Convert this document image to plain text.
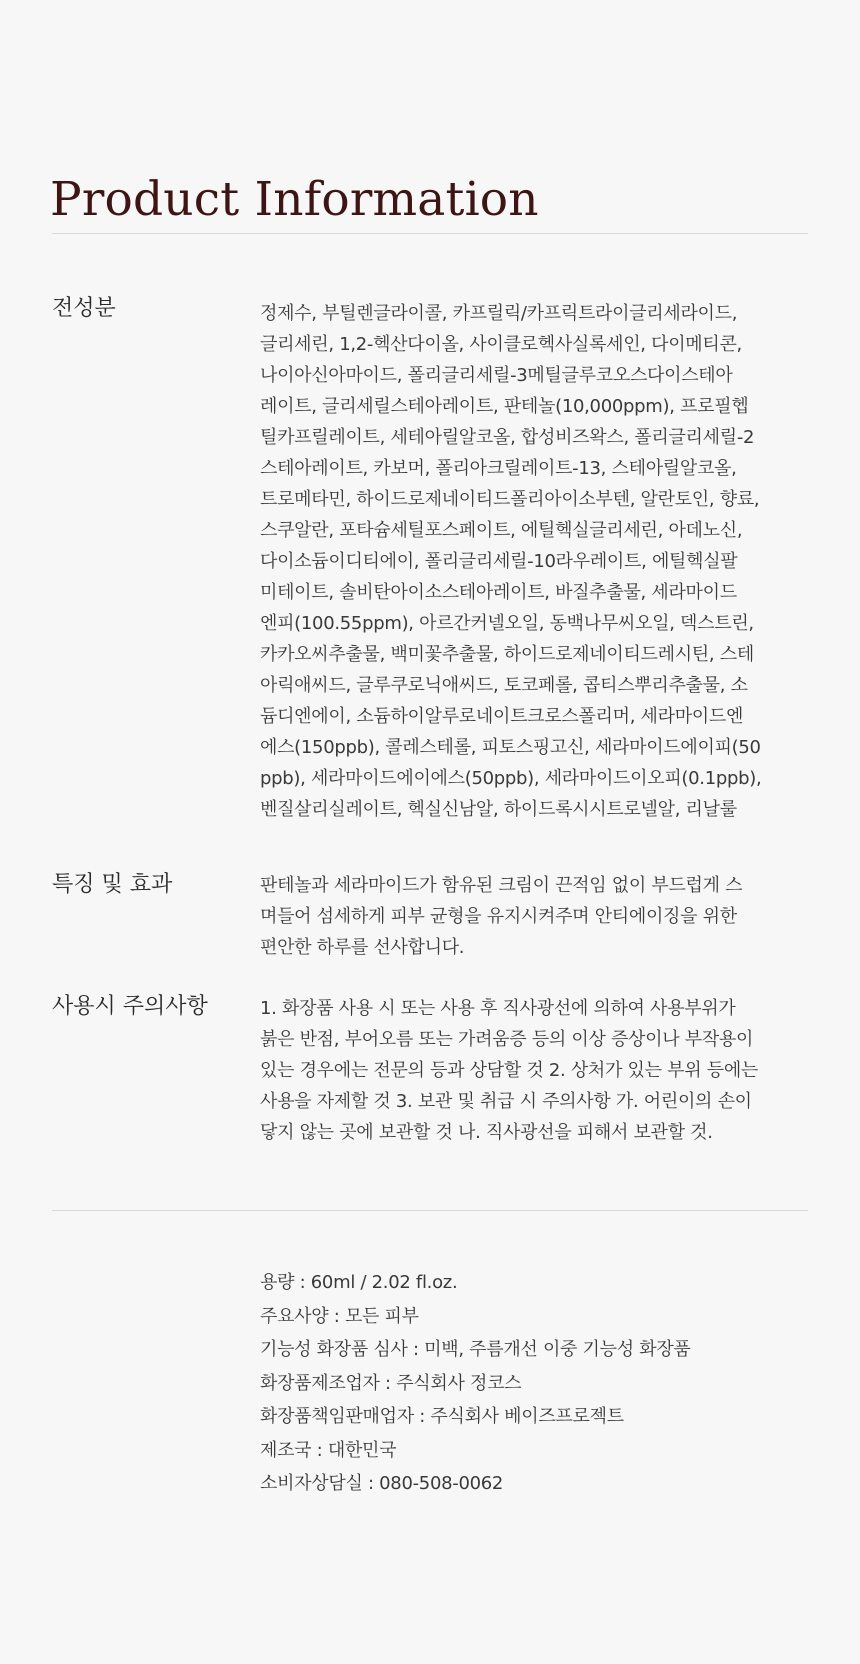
Product Information
전성분	정제수, 부틸렌글라이콜, 카프릴릭/카프릭트라이글리세라이드,
글리세린, 1,2-헥산다이올, 사이클로헥사실록세인, 다이메티콘,
나이아신아마이드, 폴리글리세릴-3메틸글루코오스다이스테아
레이트, 글리세릴스테아레이트, 판테놀(10,000ppm), 프로필헵
틸카프릴레이트, 세테아릴알코올, 합성비즈왁스, 폴리글리세릴-2
스테아레이트, 카보머, 폴리아크릴레이트-13, 스테아릴알코올,
트로메타민, 하이드로제네이티드폴리아이소부텐, 알란토인, 향료,
스쿠알란, 포타슘세틸포스페이트, 에틸헥실글리세린, 아데노신,
다이소듐이디티에이, 폴리글리세릴-10라우레이트, 에틸헥실팔
미테이트, 솔비탄아이소스테아레이트, 바질추출물, 세라마이드
엔피(100.55ppm), 아르간커넬오일, 동백나무씨오일, 덱스트린,
카카오씨추출물, 백미꽃추출물, 하이드로제네이티드레시틴, 스테
아릭애씨드, 글루쿠로닉애씨드, 토코페롤, 콥티스뿌리추출물, 소
듐디엔에이, 소듐하이알루로네이트크로스폴리머, 세라마이드엔
에스(150ppb), 콜레스테롤, 피토스핑고신, 세라마이드에이피(50
ppb), 세라마이드에이에스(50ppb), 세라마이드이오피(0.1ppb),
벤질살리실레이트, 헥실신남알, 하이드록시시트로넬알, 리날룰
특징 및 효과	판테놀과 세라마이드가 함유된 크림이 끈적임 없이 부드럽게 스
며들어 섬세하게 피부 균형을 유지시켜주며 안티에이징을 위한
편안한 하루를 선사합니다.
사용시 주의사항	1. 화장품 사용 시 또는 사용 후 직사광선에 의하여 사용부위가
붉은 반점, 부어오름 또는 가려움증 등의 이상 증상이나 부작용이
있는 경우에는 전문의 등과 상담할 것 2. 상처가 있는 부위 등에는
사용을 자제할 것 3. 보관 및 취급 시 주의사항 가. 어린이의 손이
닿지 않는 곳에 보관할 것 나. 직사광선을 피해서 보관할 것.
용량 : 60ml / 2.02 fl.oz.
주요사양 : 모든 피부
기능성 화장품 심사 : 미백, 주름개선 이중 기능성 화장품
화장품제조업자 : 주식회사 정코스
화장품책임판매업자 : 주식회사 베이즈프로젝트
제조국 : 대한민국
소비자상담실 : 080-508-0062
